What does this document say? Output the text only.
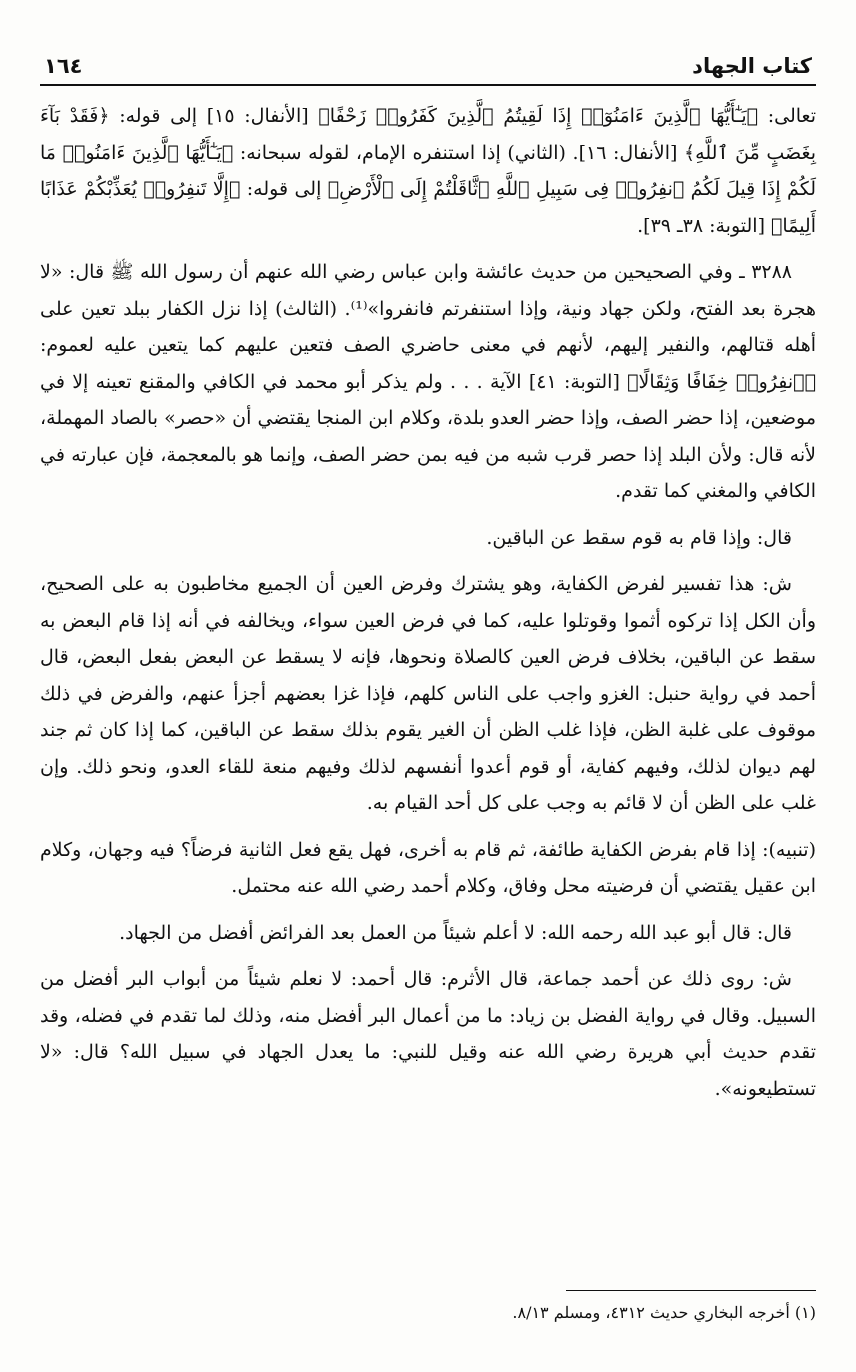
كتاب الجهاد
١٦٤

تعالى: ﴿يَـٰٓأَيُّهَا ٱلَّذِينَ ءَامَنُوٓا۟ إِذَا لَقِيتُمُ ٱلَّذِينَ كَفَرُوا۟ زَحْفًا﴾ [الأنفال: ١٥] إلى قوله: ﴿فَقَدْ بَآءَ بِغَضَبٍ مِّنَ ٱللَّهِ﴾ [الأنفال: ١٦]. (الثاني) إذا استنفره الإمام، لقوله سبحانه: ﴿يَـٰٓأَيُّهَا ٱلَّذِينَ ءَامَنُوا۟ مَا لَكُمْ إِذَا قِيلَ لَكُمُ ٱنفِرُوا۟ فِى سَبِيلِ ٱللَّهِ ٱثَّاقَلْتُمْ إِلَى ٱلْأَرْضِ﴾ إلى قوله: ﴿إِلَّا تَنفِرُوا۟ يُعَذِّبْكُمْ عَذَابًا أَلِيمًا﴾ [التوبة: ٣٨ـ ٣٩].

٣٢٨٨ ـ وفي الصحيحين من حديث عائشة وابن عباس رضي الله عنهم أن رسول الله ﷺ قال: «لا هجرة بعد الفتح، ولكن جهاد ونية، وإذا استنفرتم فانفروا»⁽¹⁾. (الثالث) إذا نزل الكفار ببلد تعين على أهله قتالهم، والنفير إليهم، لأنهم في معنى حاضري الصف فتعين عليهم كما يتعين عليه لعموم: ﴿ٱنفِرُوا۟ خِفَافًا وَثِقَالًا﴾ [التوبة: ٤١] الآية . . . ولم يذكر أبو محمد في الكافي والمقنع تعينه إلا في موضعين، إذا حضر الصف، وإذا حضر العدو بلدة، وكلام ابن المنجا يقتضي أن «حصر» بالصاد المهملة، لأنه قال: ولأن البلد إذا حصر قرب شبه من فيه بمن حضر الصف، وإنما هو بالمعجمة، فإن عبارته في الكافي والمغني كما تقدم.

قال: وإذا قام به قوم سقط عن الباقين.

ش: هذا تفسير لفرض الكفاية، وهو يشترك وفرض العين أن الجميع مخاطبون به على الصحيح، وأن الكل إذا تركوه أثموا وقوتلوا عليه، كما في فرض العين سواء، ويخالفه في أنه إذا قام البعض به سقط عن الباقين، بخلاف فرض العين كالصلاة ونحوها، فإنه لا يسقط عن البعض بفعل البعض، قال أحمد في رواية حنبل: الغزو واجب على الناس كلهم، فإذا غزا بعضهم أجزأ عنهم، والفرض في ذلك موقوف على غلبة الظن، فإذا غلب الظن أن الغير يقوم بذلك سقط عن الباقين، كما إذا كان ثم جند لهم ديوان لذلك، وفيهم كفاية، أو قوم أعدوا أنفسهم لذلك وفيهم منعة للقاء العدو، ونحو ذلك. وإن غلب على الظن أن لا قائم به وجب على كل أحد القيام به.

(تنبيه): إذا قام بفرض الكفاية طائفة، ثم قام به أخرى، فهل يقع فعل الثانية فرضاً؟ فيه وجهان، وكلام ابن عقيل يقتضي أن فرضيته محل وفاق، وكلام أحمد رضي الله عنه محتمل.

قال: قال أبو عبد الله رحمه الله: لا أعلم شيئاً من العمل بعد الفرائض أفضل من الجهاد.

ش: روى ذلك عن أحمد جماعة، قال الأثرم: قال أحمد: لا نعلم شيئاً من أبواب البر أفضل من السبيل. وقال في رواية الفضل بن زياد: ما من أعمال البر أفضل منه، وذلك لما تقدم في فضله، وقد تقدم حديث أبي هريرة رضي الله عنه وقيل للنبي: ما يعدل الجهاد في سبيل الله؟ قال: «لا تستطيعونه».

(١) أخرجه البخاري حديث ٤٣١٢، ومسلم ٨/١٣.
